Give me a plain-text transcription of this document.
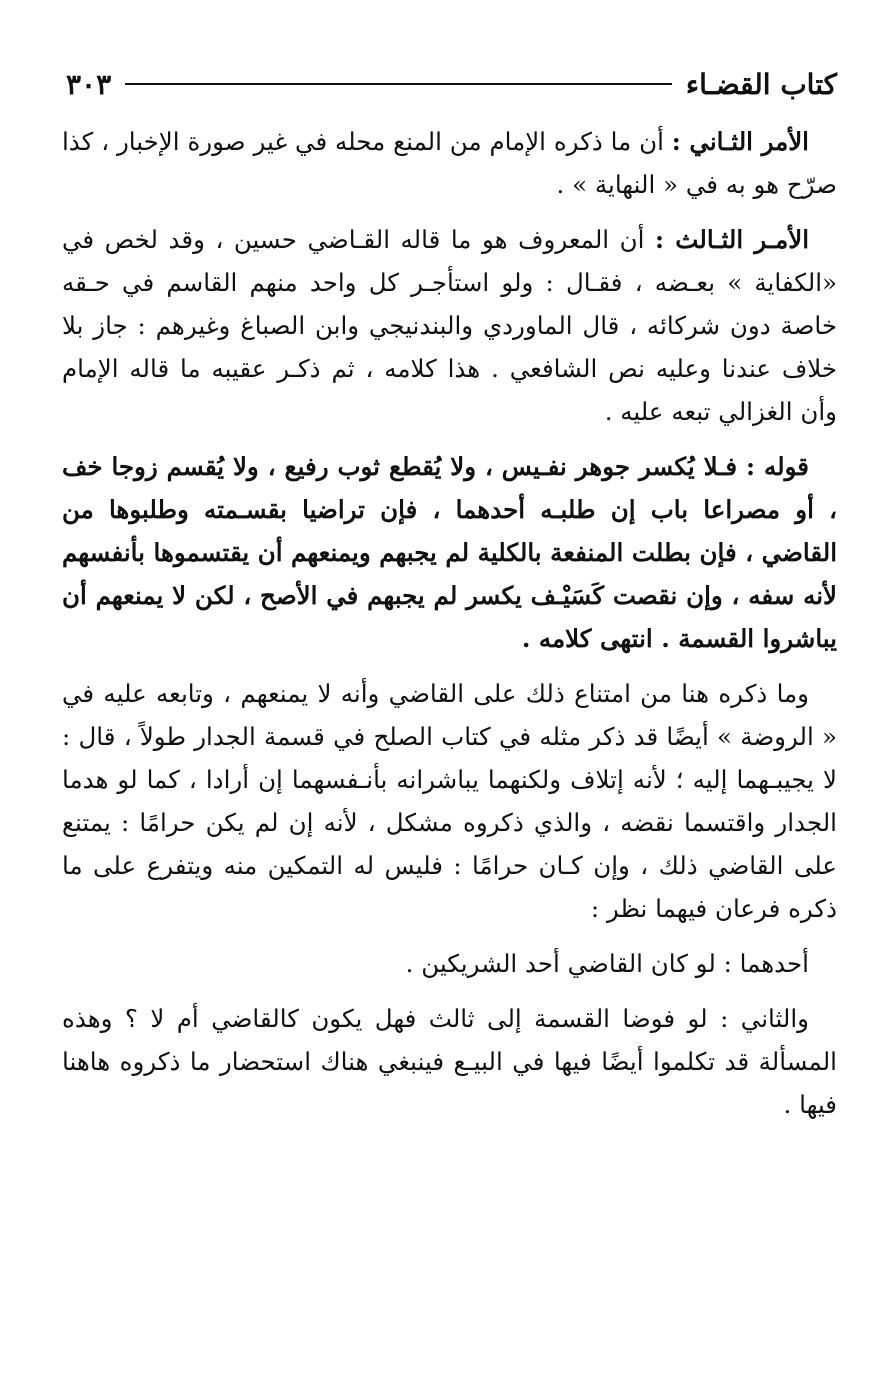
كتاب القضـاء
٣٠٣

الأمر الثـاني : أن ما ذكره الإمام من المنع محله في غير صورة الإخبار ، كذا صرّح هو به في « النهاية » .

الأمـر الثـالث : أن المعروف هو ما قاله القـاضي حسين ، وقد لخص في «الكفاية » بعـضه ، فقـال : ولو استأجـر كل واحد منهم القاسم في حـقه خاصة دون شركائه ، قال الماوردي والبندنيجي وابن الصباغ وغيرهم : جاز بلا خلاف عندنا وعليه نص الشافعي . هذا كلامه ، ثم ذكـر عقيبه ما قاله الإمام وأن الغزالي تبعه عليه .

قوله : فـلا يُكسر جوهر نفـيس ، ولا يُقطع ثوب رفيع ، ولا يُقسم زوجا خف ، أو مصراعا باب إن طلبـه أحدهما ، فإن تراضيا بقسـمته وطلبوها من القاضي ، فإن بطلت المنفعة بالكلية لم يجبهم ويمنعهم أن يقتسموها بأنفسهم لأنه سفه ، وإن نقصت كَسَيْـف يكسر لم يجبهم في الأصح ، لكن لا يمنعهم أن يباشروا القسمة . انتهى كلامه .

وما ذكره هنا من امتناع ذلك على القاضي وأنه لا يمنعهم ، وتابعه عليه في « الروضة » أيضًا قد ذكر مثله في كتاب الصلح في قسمة الجدار طولاً ، قال : لا يجيبـهما إليه ؛ لأنه إتلاف ولكنهما يباشرانه بأنـفسهما إن أرادا ، كما لو هدما الجدار واقتسما نقضه ، والذي ذكروه مشكل ، لأنه إن لم يكن حرامًا : يمتنع على القاضي ذلك ، وإن كـان حرامًا : فليس له التمكين منه ويتفرع على ما ذكره فرعان فيهما نظر :

أحدهما : لو كان القاضي أحد الشريكين .

والثاني : لو فوضا القسمة إلى ثالث فهل يكون كالقاضي أم لا ؟ وهذه المسألة قد تكلموا أيضًا فيها في البيـع فينبغي هناك استحضار ما ذكروه هاهنا فيها .
